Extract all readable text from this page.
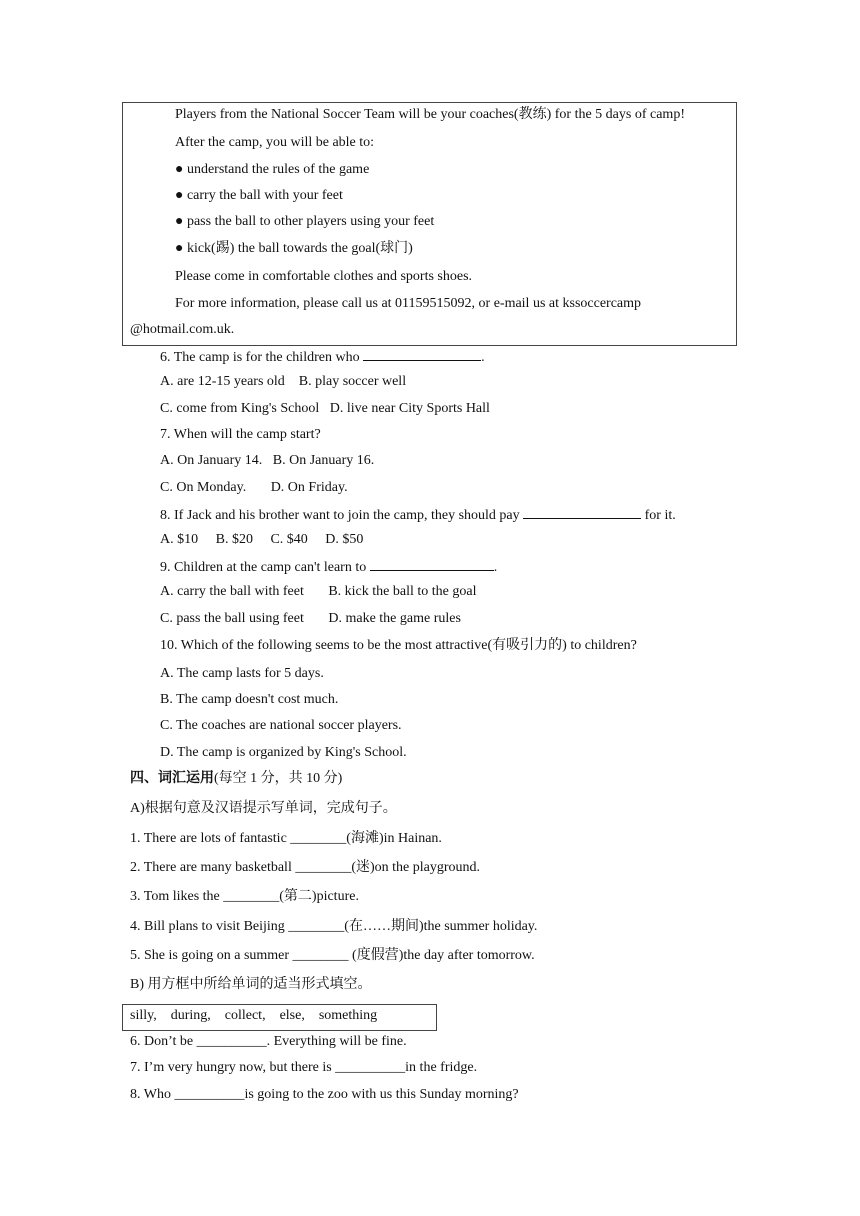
Players from the National Soccer Team will be your coaches(教练) for the 5 days of camp!
After the camp, you will be able to:
● understand the rules of the game
● carry the ball with your feet
● pass the ball to other players using your feet
● kick(踢) the ball towards the goal(球门)
Please come in comfortable clothes and sports shoes.
For more information, please call us at 01159515092, or e-mail us at kssoccercamp
@hotmail.com.uk.
6. The camp is for the children who	.
A. are 12-15 years old    B. play soccer well
C. come from King's School   D. live near City Sports Hall
7. When will the camp start?
A. On January 14.   B. On January 16.
C. On Monday.       D. On Friday.
8. If Jack and his brother want to join the camp, they should pay	for it.
A. $10     B. $20     C. $40     D. $50
9. Children at the camp can't learn to	.
A. carry the ball with feet       B. kick the ball to the goal
C. pass the ball using feet       D. make the game rules
10. Which of the following seems to be the most attractive(有吸引力的) to children?
A. The camp lasts for 5 days.
B. The camp doesn't cost much.
C. The coaches are national soccer players.
D. The camp is organized by King's School.
四、词汇运用(每空 1 分，共 10 分)
A)根据句意及汉语提示写单词，完成句子。
1. There are lots of fantastic ________(海滩)in Hainan.
2. There are many basketball ________(迷)on the playground.
3. Tom likes the ________(第二)picture.
4. Bill plans to visit Beijing ________(在……期间)the summer holiday.
5. She is going on a summer ________ (度假营)the day after tomorrow.
B) 用方框中所给单词的适当形式填空。
silly,    during,    collect,    else,    something
6. Don’t be __________. Everything will be fine.
7. I’m very hungry now, but there is __________in the fridge.
8. Who __________is going to the zoo with us this Sunday morning?
